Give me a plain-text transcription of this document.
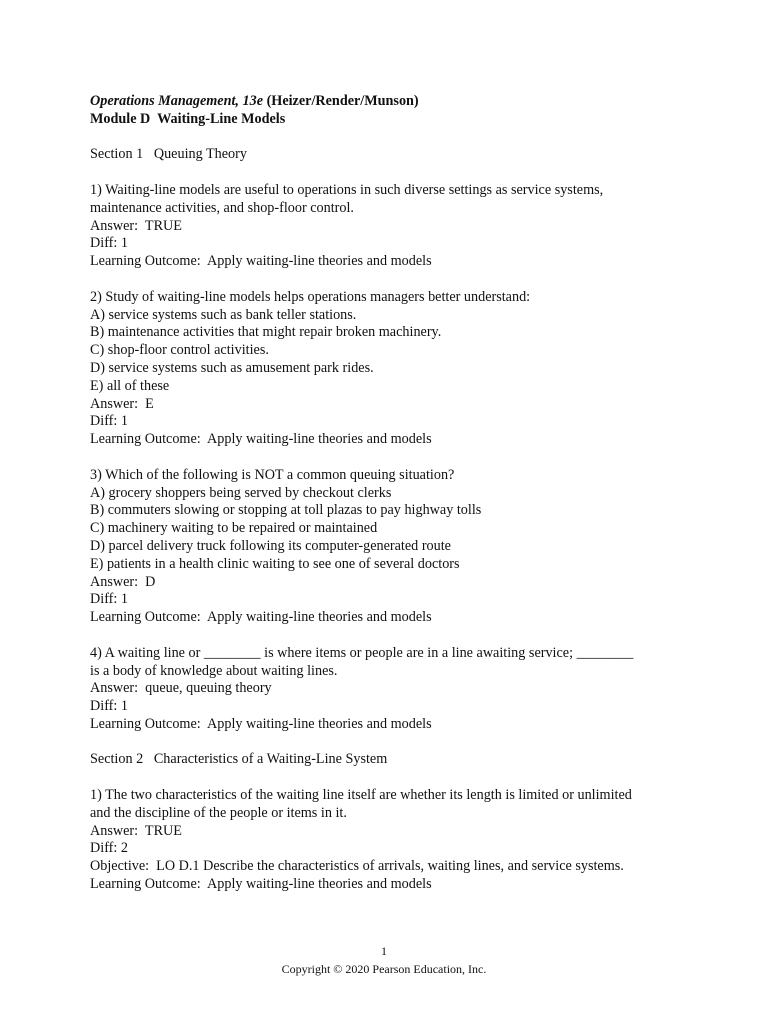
Operations Management, 13e (Heizer/Render/Munson)
Module D  Waiting-Line Models
Section 1   Queuing Theory
1) Waiting-line models are useful to operations in such diverse settings as service systems,
maintenance activities, and shop-floor control.
Answer:  TRUE
Diff: 1
Learning Outcome:  Apply waiting-line theories and models
2) Study of waiting-line models helps operations managers better understand:
A) service systems such as bank teller stations.
B) maintenance activities that might repair broken machinery.
C) shop-floor control activities.
D) service systems such as amusement park rides.
E) all of these
Answer:  E
Diff: 1
Learning Outcome:  Apply waiting-line theories and models
3) Which of the following is NOT a common queuing situation?
A) grocery shoppers being served by checkout clerks
B) commuters slowing or stopping at toll plazas to pay highway tolls
C) machinery waiting to be repaired or maintained
D) parcel delivery truck following its computer-generated route
E) patients in a health clinic waiting to see one of several doctors
Answer:  D
Diff: 1
Learning Outcome:  Apply waiting-line theories and models
4) A waiting line or ________ is where items or people are in a line awaiting service; ________
is a body of knowledge about waiting lines.
Answer:  queue, queuing theory
Diff: 1
Learning Outcome:  Apply waiting-line theories and models
Section 2   Characteristics of a Waiting-Line System
1) The two characteristics of the waiting line itself are whether its length is limited or unlimited
and the discipline of the people or items in it.
Answer:  TRUE
Diff: 2
Objective:  LO D.1 Describe the characteristics of arrivals, waiting lines, and service systems.
Learning Outcome:  Apply waiting-line theories and models
1
Copyright © 2020 Pearson Education, Inc.
